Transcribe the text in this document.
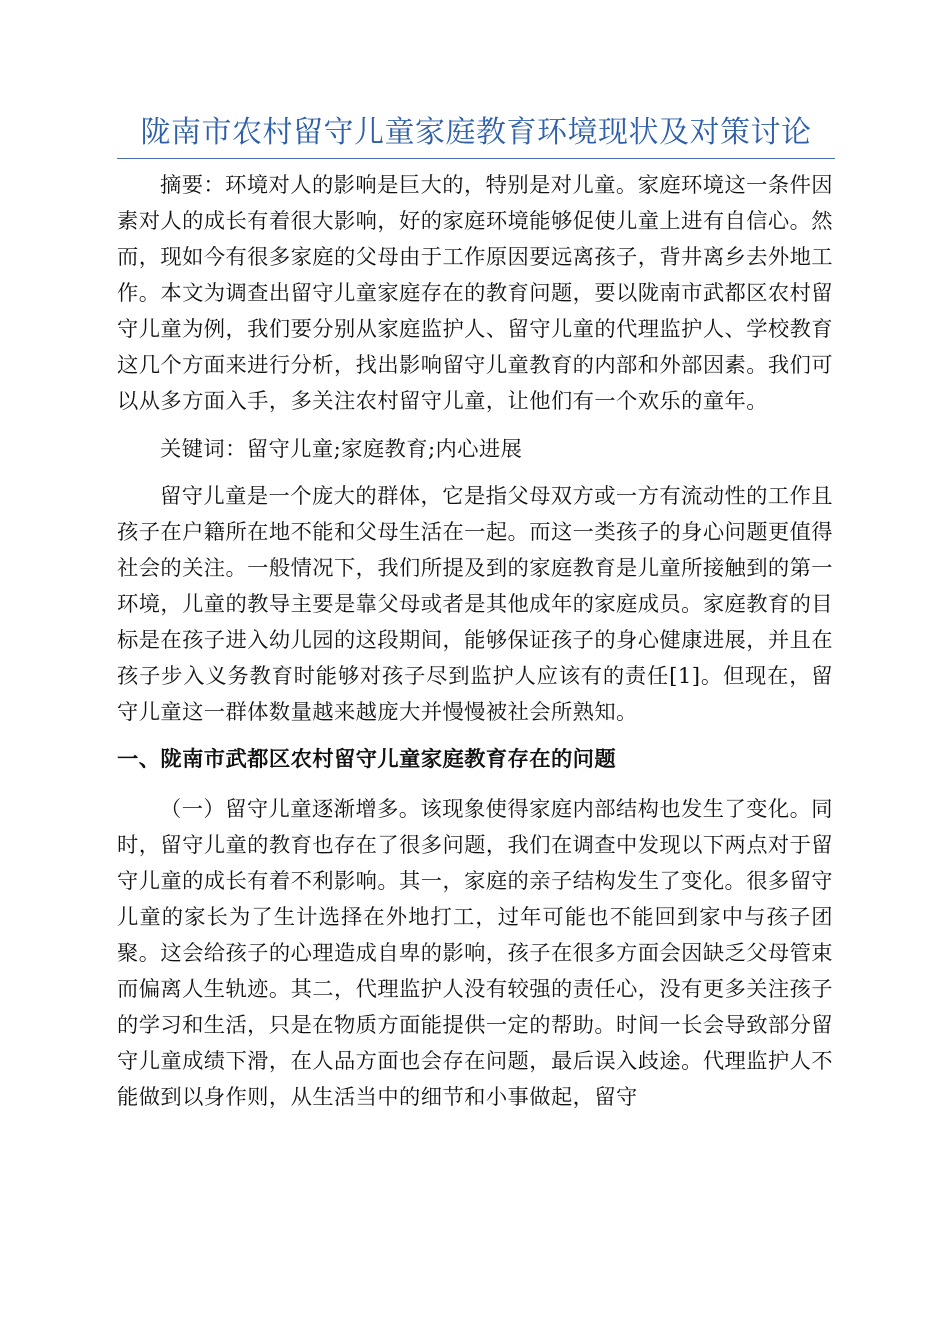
陇南市农村留守儿童家庭教育环境现状及对策讨论

摘要：环境对人的影响是巨大的，特别是对儿童。家庭环境这一条件因素对人的成长有着很大影响，好的家庭环境能够促使儿童上进有自信心。然而，现如今有很多家庭的父母由于工作原因要远离孩子，背井离乡去外地工作。本文为调查出留守儿童家庭存在的教育问题，要以陇南市武都区农村留守儿童为例，我们要分别从家庭监护人、留守儿童的代理监护人、学校教育这几个方面来进行分析，找出影响留守儿童教育的内部和外部因素。我们可以从多方面入手，多关注农村留守儿童，让他们有一个欢乐的童年。

关键词：留守儿童;家庭教育;内心进展

留守儿童是一个庞大的群体，它是指父母双方或一方有流动性的工作且孩子在户籍所在地不能和父母生活在一起。而这一类孩子的身心问题更值得社会的关注。一般情况下，我们所提及到的家庭教育是儿童所接触到的第一环境，儿童的教导主要是靠父母或者是其他成年的家庭成员。家庭教育的目标是在孩子进入幼儿园的这段期间，能够保证孩子的身心健康进展，并且在孩子步入义务教育时能够对孩子尽到监护人应该有的责任[1]。但现在，留守儿童这一群体数量越来越庞大并慢慢被社会所熟知。

一、陇南市武都区农村留守儿童家庭教育存在的问题

（一）留守儿童逐渐增多。该现象使得家庭内部结构也发生了变化。同时，留守儿童的教育也存在了很多问题，我们在调查中发现以下两点对于留守儿童的成长有着不利影响。其一，家庭的亲子结构发生了变化。很多留守儿童的家长为了生计选择在外地打工，过年可能也不能回到家中与孩子团聚。这会给孩子的心理造成自卑的影响，孩子在很多方面会因缺乏父母管束而偏离人生轨迹。其二，代理监护人没有较强的责任心，没有更多关注孩子的学习和生活，只是在物质方面能提供一定的帮助。时间一长会导致部分留守儿童成绩下滑，在人品方面也会存在问题，最后误入歧途。代理监护人不能做到以身作则，从生活当中的细节和小事做起，留守
